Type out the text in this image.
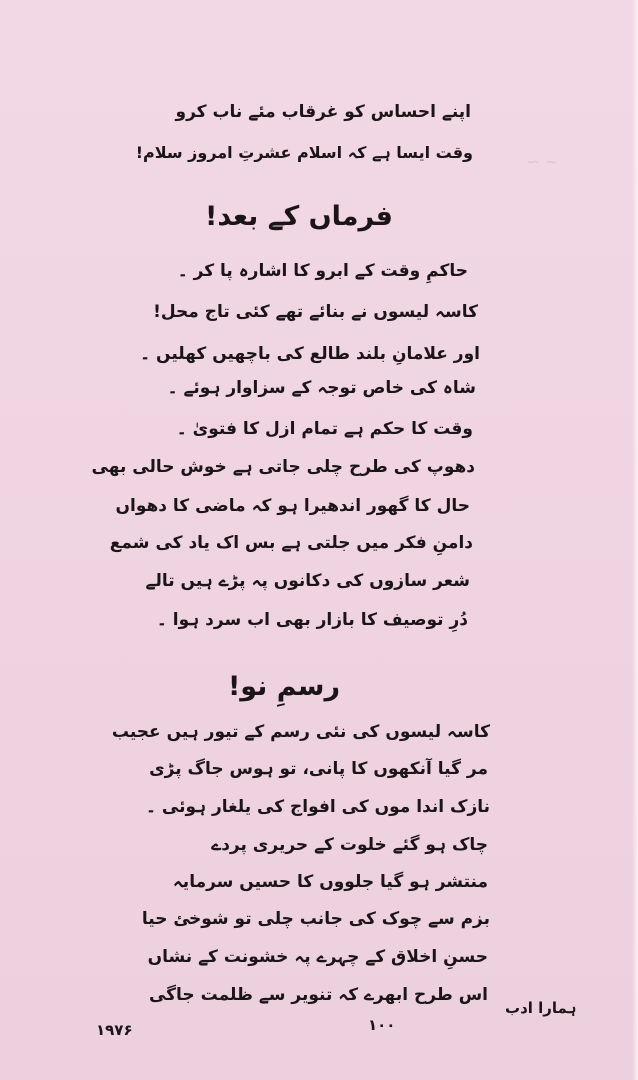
∽ ∼
اپنے احساس کو غرقاب مئے ناب کرو
وقت ایسا ہے کہ اسلام عشرتِ امروز سلام!
فرماں کے بعد!
حاکمِ وقت کے ابرو کا اشارہ پا کر ۔
کاسہ لیسوں نے بنائے تھے کئی تاج محل!
اور علامانِ بلند طالع کی باچھیں کھلیں ۔
شاہ کی خاص توجہ کے سزاوار ہوئے ۔
وقت کا حکم ہے تمام ازل کا فتویٰ ۔
دھوپ کی طرح چلی جاتی ہے خوش حالی بھی
حال کا گھور اندھیرا ہو کہ ماضی کا دھواں
دامنِ فکر میں جلتی ہے بس اک یاد کی شمع
شعر سازوں کی دکانوں پہ پڑے ہیں تالے
دُرِ توصیف کا بازار بھی اب سرد ہوا ۔
رسمِ نو!
کاسہ لیسوں کی نئی رسم کے تیور ہیں عجیب
مر گیا آنکھوں کا پانی، تو ہوس جاگ پڑی
نازک اندا موں کی افواج کی یلغار ہوئی ۔
چاک ہو گئے خلوت کے حریری پردے
منتشر ہو گیا جلووں کا حسیں سرمایہ
بزم سے چوک کی جانب چلی تو شوخئ حیا
حسنِ اخلاق کے چہرے پہ خشونت کے نشاں
اس طرح ابھرے کہ تنویر سے ظلمت جاگی
ہمارا ادب
۱۰۰
۱۹۷۶
